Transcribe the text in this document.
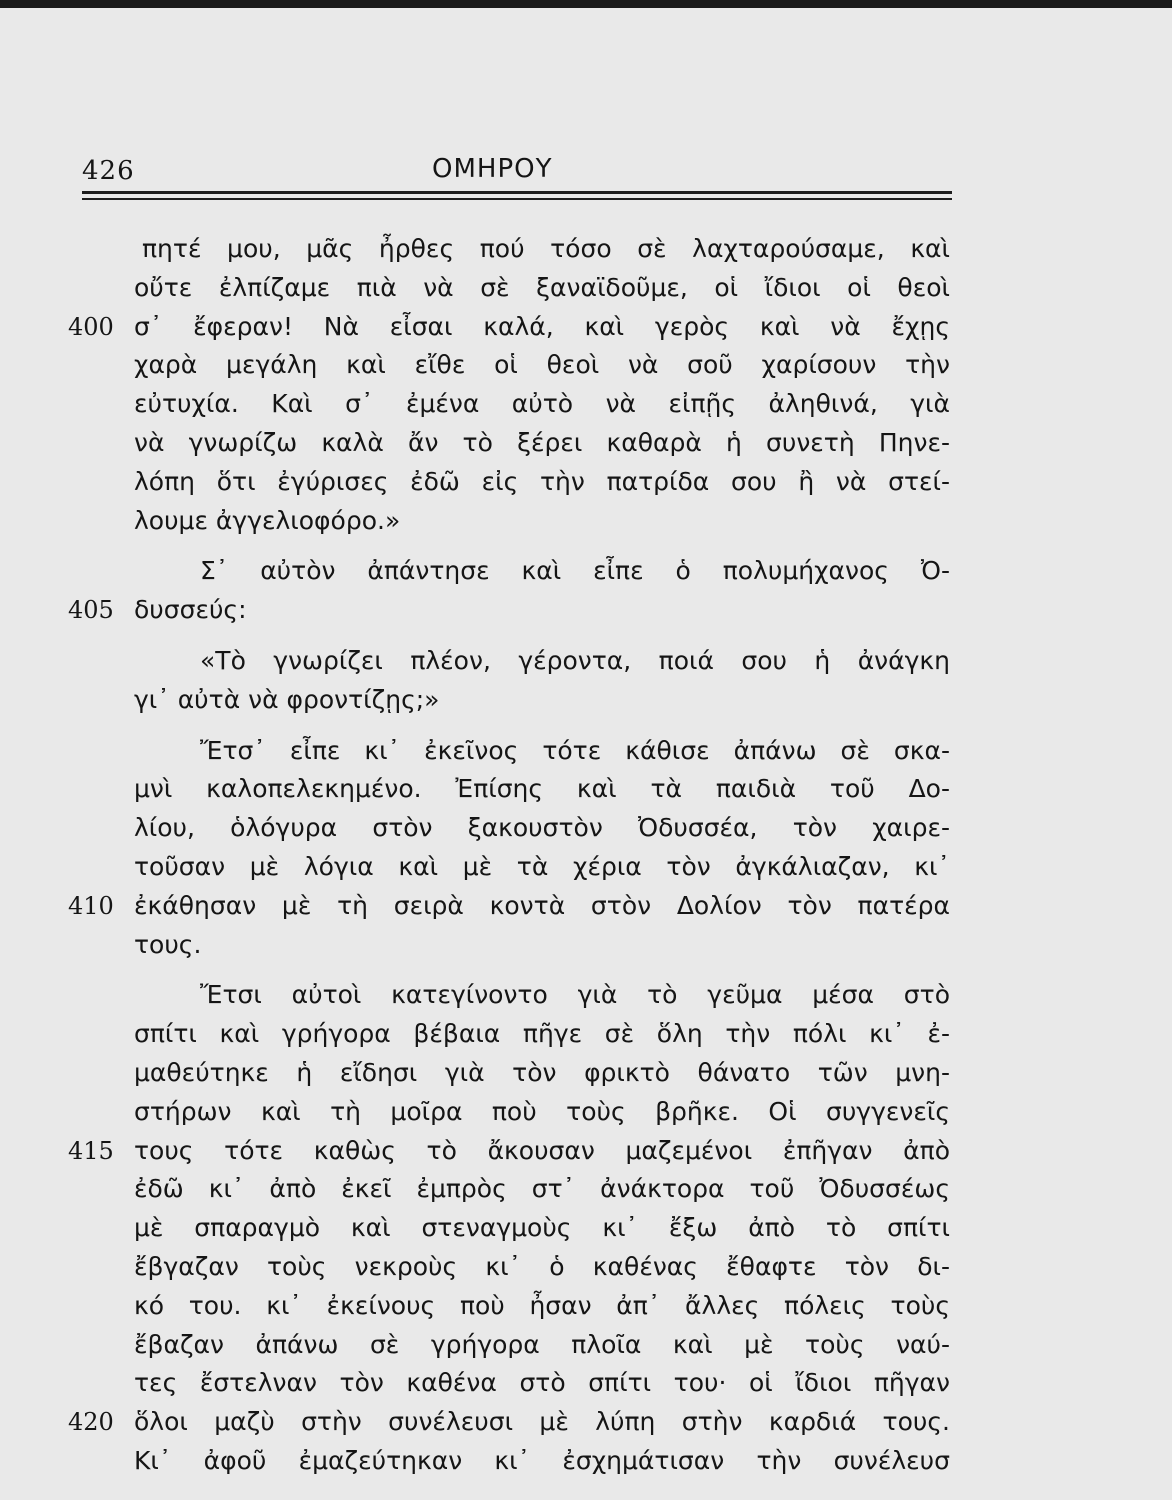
426	ΟΜΗΡΟΥ
πητέ μου, μᾶς ἦρθες πού τόσο σὲ λαχταρούσαμε, καὶ
οὔτε ἐλπίζαμε πιὰ νὰ σὲ ξαναϊδοῦμε, οἱ ἴδιοι οἱ θεοὶ
400 σ᾽ ἔφεραν! Νὰ εἶσαι καλά, καὶ γερὸς καὶ νὰ ἔχῃς
χαρὰ μεγάλη καὶ εἴθε οἱ θεοὶ νὰ σοῦ χαρίσουν τὴν
εὐτυχία. Καὶ σ᾽ ἐμένα αὐτὸ νὰ εἰπῇς ἀληθινά, γιὰ
νὰ γνωρίζω καλὰ ἄν τὸ ξέρει καθαρὰ ἡ συνετὴ Πηνε-
λόπη ὅτι ἐγύρισες ἐδῶ εἰς τὴν πατρίδα σου ἢ νὰ στεί-
λουμε ἀγγελιοφόρο.»
Σ᾽ αὐτὸν ἀπάντησε καὶ εἶπε ὁ πολυμήχανος Ὀ-
405 δυσσεύς:
«Τὸ γνωρίζει πλέον, γέροντα, ποιά σου ἡ ἀνάγκη
γι᾽ αὐτὰ νὰ φροντίζῃς;»
Ἔτσ᾽ εἶπε κι᾽ ἐκεῖνος τότε κάθισε ἀπάνω σὲ σκα-
μνὶ καλοπελεκημένο. Ἐπίσης καὶ τὰ παιδιὰ τοῦ Δο-
λίου, ὁλόγυρα στὸν ξακουστὸν Ὀδυσσέα, τὸν χαιρε-
τοῦσαν μὲ λόγια καὶ μὲ τὰ χέρια τὸν ἀγκάλιαζαν, κι᾽
410 ἐκάθησαν μὲ τὴ σειρὰ κοντὰ στὸν Δολίον τὸν πατέρα
τους.
Ἔτσι αὐτοὶ κατεγίνοντο γιὰ τὸ γεῦμα μέσα στὸ
σπίτι καὶ γρήγορα βέβαια πῆγε σὲ ὅλη τὴν πόλι κι᾽ ἐ-
μαθεύτηκε ἡ εἴδησι γιὰ τὸν φρικτὸ θάνατο τῶν μνη-
στήρων καὶ τὴ μοῖρα ποὺ τοὺς βρῆκε. Οἱ συγγενεῖς
415 τους τότε καθὼς τὸ ἄκουσαν μαζεμένοι ἐπῆγαν ἀπὸ
ἐδῶ κι᾽ ἀπὸ ἐκεῖ ἐμπρὸς στ᾽ ἀνάκτορα τοῦ Ὀδυσσέως
μὲ σπαραγμὸ καὶ στεναγμοὺς κι᾽ ἔξω ἀπὸ τὸ σπίτι
ἔβγαζαν τοὺς νεκροὺς κι᾽ ὁ καθένας ἔθαφτε τὸν δι-
κό του. κι᾽ ἐκείνους ποὺ ἦσαν ἀπ᾽ ἄλλες πόλεις τοὺς
ἔβαζαν ἀπάνω σὲ γρήγορα πλοῖα καὶ μὲ τοὺς ναύ-
τες ἔστελναν τὸν καθένα στὸ σπίτι του· οἱ ἴδιοι πῆγαν
420 ὅλοι μαζὺ στὴν συνέλευσι μὲ λύπη στὴν καρδιά τους.
Κι᾽ ἀφοῦ ἐμαζεύτηκαν κι᾽ ἐσχημάτισαν τὴν συνέλευσ
